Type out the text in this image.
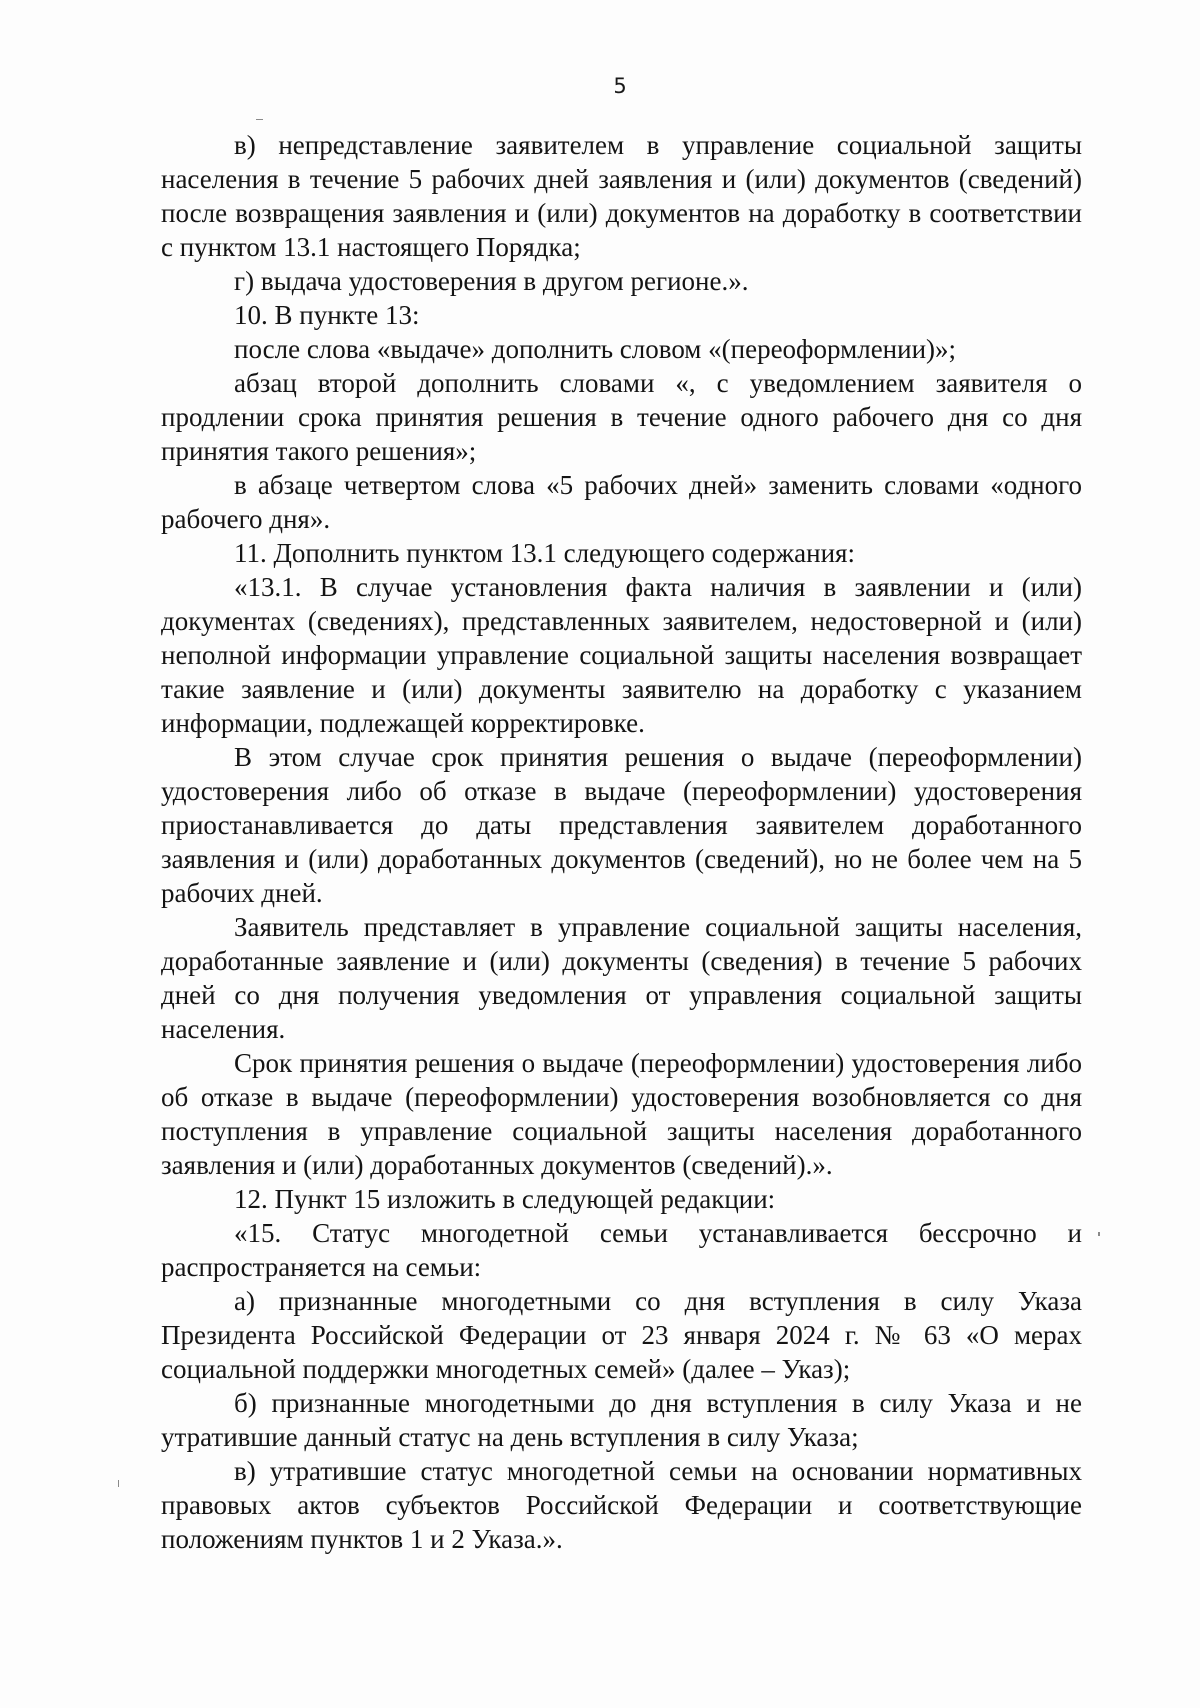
5

в) непредставление заявителем в управление социальной защиты населения в течение 5 рабочих дней заявления и (или) документов (сведений) после возвращения заявления и (или) документов на доработку в соответствии с пунктом 13.1 настоящего Порядка;

г) выдача удостоверения в другом регионе.».

10. В пункте 13:

после слова «выдаче» дополнить словом «(переоформлении)»;

абзац второй дополнить словами «, с уведомлением заявителя о продлении срока принятия решения в течение одного рабочего дня со дня принятия такого решения»;

в абзаце четвертом слова «5 рабочих дней» заменить словами «одного рабочего дня».

11. Дополнить пунктом 13.1 следующего содержания:

«13.1. В случае установления факта наличия в заявлении и (или) документах (сведениях), представленных заявителем, недостоверной и (или) неполной информации управление социальной защиты населения возвращает такие заявление и (или) документы заявителю на доработку с указанием информации, подлежащей корректировке.

В этом случае срок принятия решения о выдаче (переоформлении) удостоверения либо об отказе в выдаче (переоформлении) удостоверения приостанавливается до даты представления заявителем доработанного заявления и (или) доработанных документов (сведений), но не более чем на 5 рабочих дней.

Заявитель представляет в управление социальной защиты населения, доработанные заявление и (или) документы (сведения) в течение 5 рабочих дней со дня получения уведомления от управления социальной защиты населения.

Срок принятия решения о выдаче (переоформлении) удостоверения либо об отказе в выдаче (переоформлении) удостоверения возобновляется со дня поступления в управление социальной защиты населения доработанного заявления и (или) доработанных документов (сведений).».

12. Пункт 15 изложить в следующей редакции:

«15. Статус многодетной семьи устанавливается бессрочно и распространяется на семьи:

а) признанные многодетными со дня вступления в силу Указа Президента Российской Федерации от 23 января 2024 г. № 63 «О мерах социальной поддержки многодетных семей» (далее – Указ);

б) признанные многодетными до дня вступления в силу Указа и не утратившие данный статус на день вступления в силу Указа;

в) утратившие статус многодетной семьи на основании нормативных правовых актов субъектов Российской Федерации и соответствующие положениям пунктов 1 и 2 Указа.».
